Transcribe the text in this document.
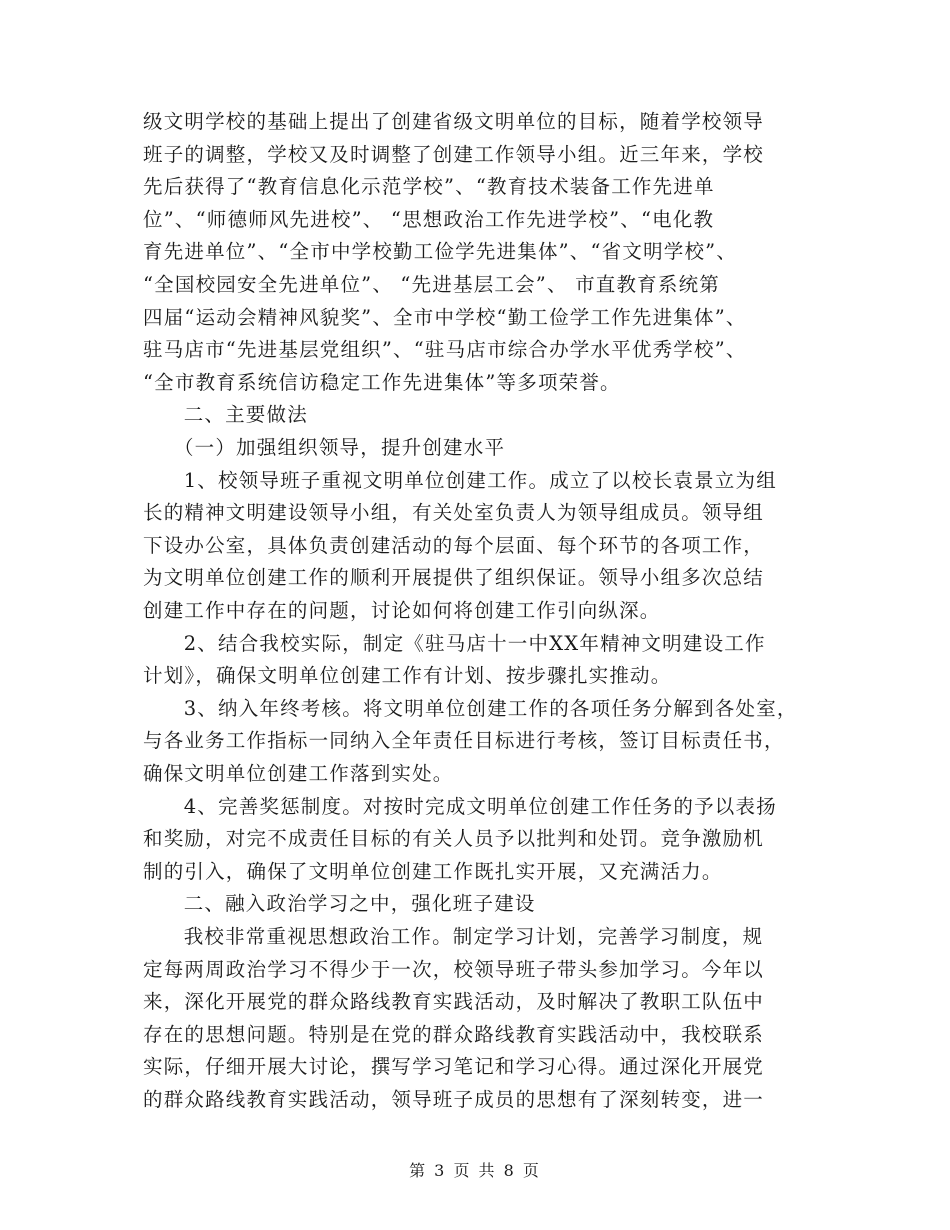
级文明学校的基础上提出了创建省级文明单位的目标，随着学校领导
班子的调整，学校又及时调整了创建工作领导小组。近三年来，学校
先后获得了“教育信息化示范学校”、“教育技术装备工作先进单
位”、“师德师风先进校”、 “思想政治工作先进学校”、“电化教
育先进单位”、“全市中学校勤工俭学先进集体”、“省文明学校”、
“全国校园安全先进单位”、 “先进基层工会”、 市直教育系统第
四届“运动会精神风貌奖”、全市中学校“勤工俭学工作先进集体”、
驻马店市“先进基层党组织”、“驻马店市综合办学水平优秀学校”、
“全市教育系统信访稳定工作先进集体”等多项荣誉。
　二、主要做法
　（一）加强组织领导，提升创建水平
　1、校领导班子重视文明单位创建工作。成立了以校长袁景立为组
长的精神文明建设领导小组，有关处室负责人为领导组成员。领导组
下设办公室，具体负责创建活动的每个层面、每个环节的各项工作，
为文明单位创建工作的顺利开展提供了组织保证。领导小组多次总结
创建工作中存在的问题，讨论如何将创建工作引向纵深。
　2、结合我校实际，制定《驻马店十一中XX年精神文明建设工作
计划》，确保文明单位创建工作有计划、按步骤扎实推动。
　3、纳入年终考核。将文明单位创建工作的各项任务分解到各处室，
与各业务工作指标一同纳入全年责任目标进行考核，签订目标责任书，
确保文明单位创建工作落到实处。
　4、完善奖惩制度。对按时完成文明单位创建工作任务的予以表扬
和奖励，对完不成责任目标的有关人员予以批判和处罚。竞争激励机
制的引入，确保了文明单位创建工作既扎实开展，又充满活力。
　二、融入政治学习之中，强化班子建设
　我校非常重视思想政治工作。制定学习计划，完善学习制度，规
定每两周政治学习不得少于一次，校领导班子带头参加学习。今年以
来，深化开展党的群众路线教育实践活动，及时解决了教职工队伍中
存在的思想问题。特别是在党的群众路线教育实践活动中，我校联系
实际，仔细开展大讨论，撰写学习笔记和学习心得。通过深化开展党
的群众路线教育实践活动，领导班子成员的思想有了深刻转变，进一
第 3 页 共 8 页
